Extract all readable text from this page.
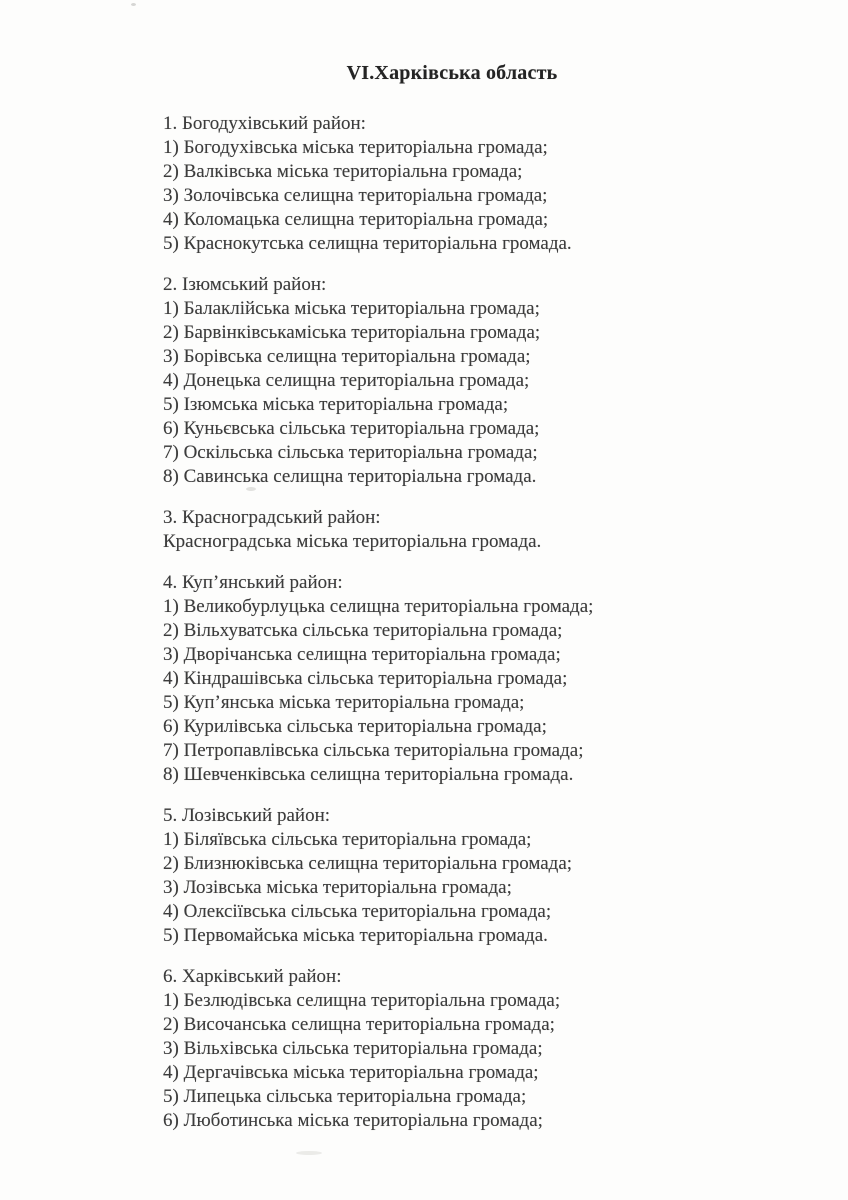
VI.Харківська область
1. Богодухівський район:
1) Богодухівська міська територіальна громада;
2) Валківська міська територіальна громада;
3) Золочівська селищна територіальна громада;
4) Коломацька селищна територіальна громада;
5) Краснокутська селищна територіальна громада.
2. Ізюмський район:
1) Балаклійська міська територіальна громада;
2) Барвінківськаміська територіальна громада;
3) Борівська селищна територіальна громада;
4) Донецька селищна територіальна громада;
5) Ізюмська міська територіальна громада;
6) Куньєвська сільська територіальна громада;
7) Оскільська сільська територіальна громада;
8) Савинська селищна територіальна громада.
3. Красноградський район:
Красноградська міська територіальна громада.
4. Куп’янський район:
1) Великобурлуцька селищна територіальна громада;
2) Вільхуватська сільська територіальна громада;
3) Дворічанська селищна територіальна громада;
4) Кіндрашівська сільська територіальна громада;
5) Куп’янська міська територіальна громада;
6) Курилівська сільська територіальна громада;
7) Петропавлівська сільська територіальна громада;
8) Шевченківська селищна територіальна громада.
5. Лозівський район:
1) Біляївська сільська територіальна громада;
2) Близнюківська селищна територіальна громада;
3) Лозівська міська територіальна громада;
4) Олексіївська сільська територіальна громада;
5) Первомайська міська територіальна громада.
6. Харківський район:
1) Безлюдівська селищна територіальна громада;
2) Височанська селищна територіальна громада;
3) Вільхівська сільська територіальна громада;
4) Дергачівська міська територіальна громада;
5) Липецька сільська територіальна громада;
6) Люботинська міська територіальна громада;
